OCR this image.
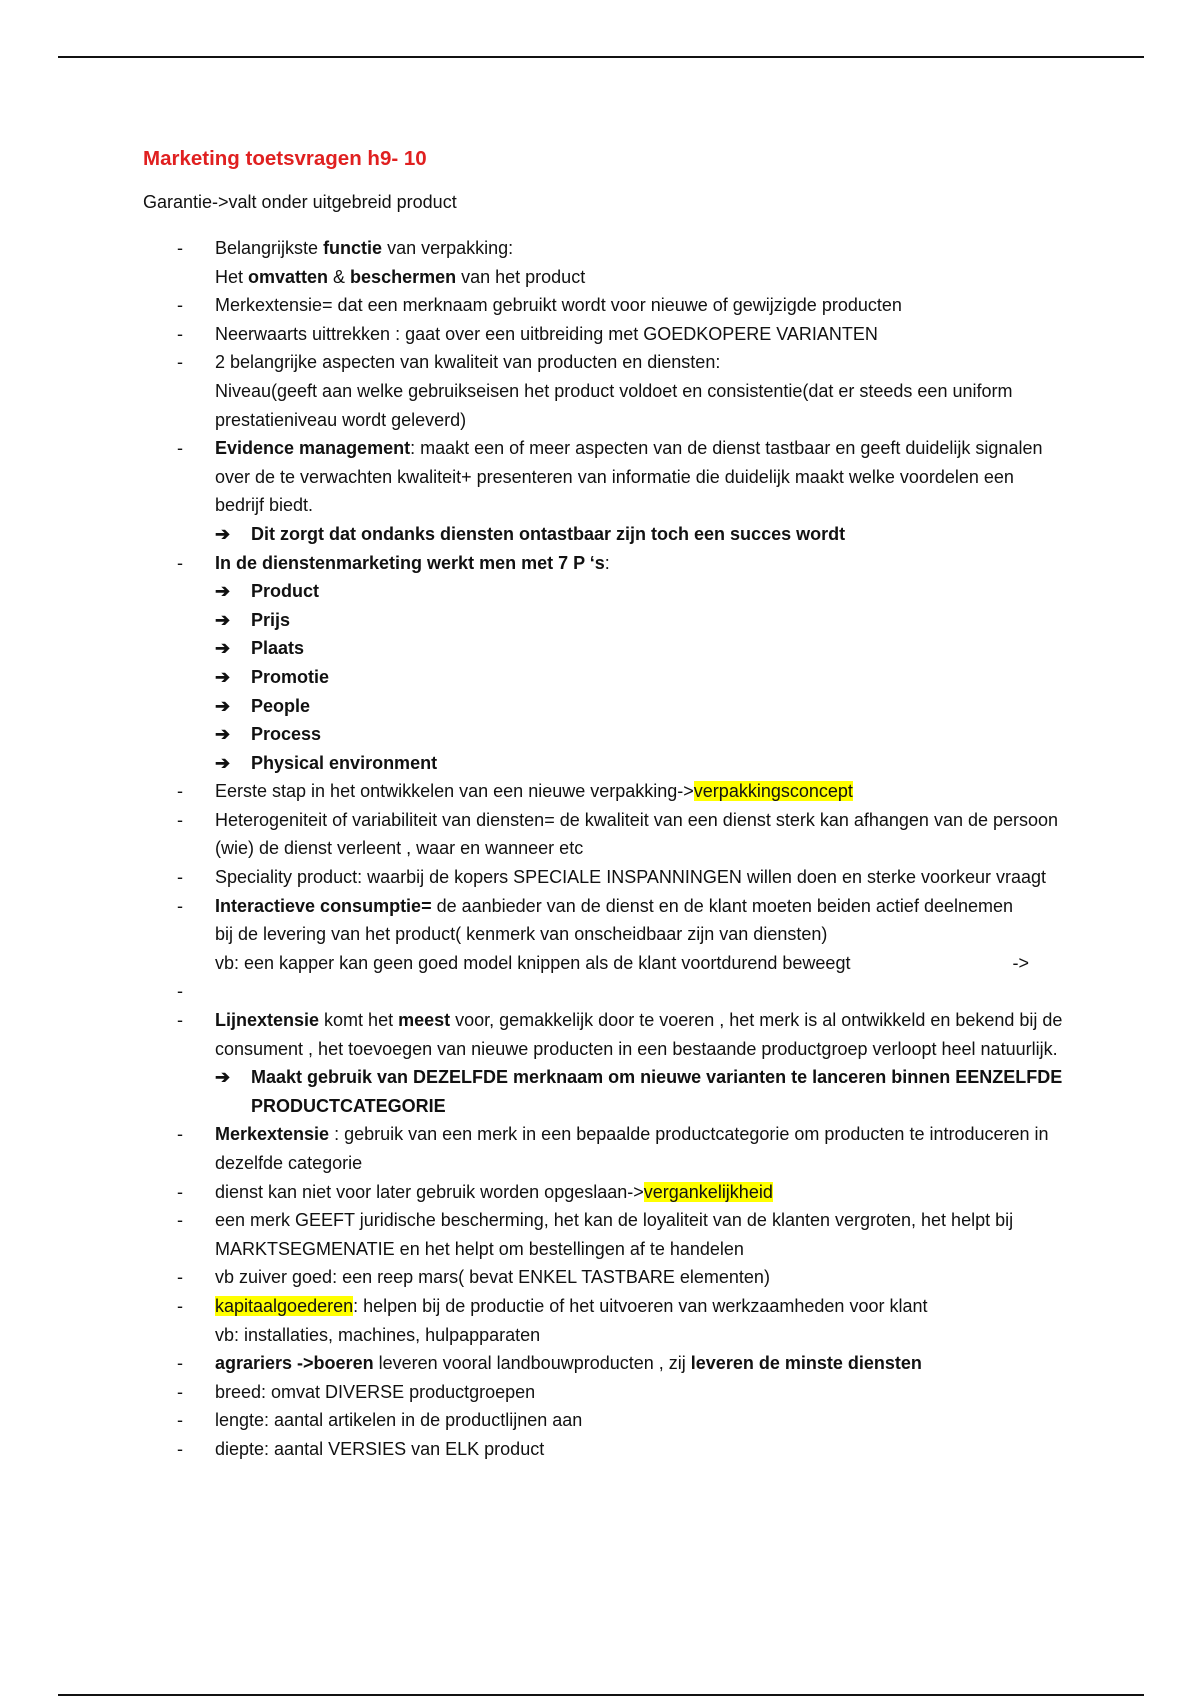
Marketing toetsvragen h9- 10
Garantie->valt onder uitgebreid product
- Belangrijkste functie van verpakking:
Het omvatten & beschermen van het product
- Merkextensie= dat een merknaam gebruikt wordt voor nieuwe of gewijzigde producten
- Neerwaarts uittrekken : gaat over een uitbreiding met GOEDKOPERE VARIANTEN
- 2 belangrijke aspecten van kwaliteit van producten en diensten:
Niveau(geeft aan welke gebruikseisen het product voldoet en consistentie(dat er steeds een uniform prestatieniveau wordt geleverd)
- Evidence management: maakt een of meer aspecten van de dienst tastbaar en geeft duidelijk signalen over de te verwachten kwaliteit+ presenteren van informatie die duidelijk maakt welke voordelen een bedrijf biedt.
➔ Dit zorgt dat ondanks diensten ontastbaar zijn toch een succes wordt
- In de dienstenmarketing werkt men met 7 P ‘s:
➔ Product
➔ Prijs
➔ Plaats
➔ Promotie
➔ People
➔ Process
➔ Physical environment
- Eerste stap in het ontwikkelen van een nieuwe verpakking->verpakkingsconcept
- Heterogeniteit of variabiliteit van diensten= de kwaliteit van een dienst sterk kan afhangen van de persoon (wie) de dienst verleent , waar en wanneer etc
- Speciality product: waarbij de kopers SPECIALE INSPANNINGEN willen doen en sterke voorkeur vraagt
- Interactieve consumptie= de aanbieder van de dienst en de klant moeten beiden actief deelnemen bij de levering van het product( kenmerk van onscheidbaar zijn van diensten)
->
vb: een kapper kan geen goed model knippen als de klant voortdurend beweegt
-
- Lijnextensie komt het meest voor, gemakkelijk door te voeren , het merk is al ontwikkeld en bekend bij de consument , het toevoegen van nieuwe producten in een bestaande productgroep verloopt heel natuurlijk.
➔ Maakt gebruik van DEZELFDE merknaam om nieuwe varianten te lanceren binnen EENZELFDE PRODUCTCATEGORIE
- Merkextensie : gebruik van een merk in een bepaalde productcategorie om producten te introduceren in dezelfde categorie
- dienst kan niet voor later gebruik worden opgeslaan->vergankelijkheid
- een merk GEEFT juridische bescherming, het kan de loyaliteit van de klanten vergroten, het helpt bij MARKTSEGMENATIE en het helpt om bestellingen af te handelen
- vb zuiver goed: een reep mars( bevat ENKEL TASTBARE elementen)
- kapitaalgoederen: helpen bij de productie of het uitvoeren van werkzaamheden voor klant
vb: installaties, machines, hulpapparaten
- agrariers ->boeren leveren vooral landbouwproducten , zij leveren de minste diensten
- breed: omvat DIVERSE productgroepen
- lengte: aantal artikelen in de productlijnen aan
- diepte: aantal VERSIES van ELK product
